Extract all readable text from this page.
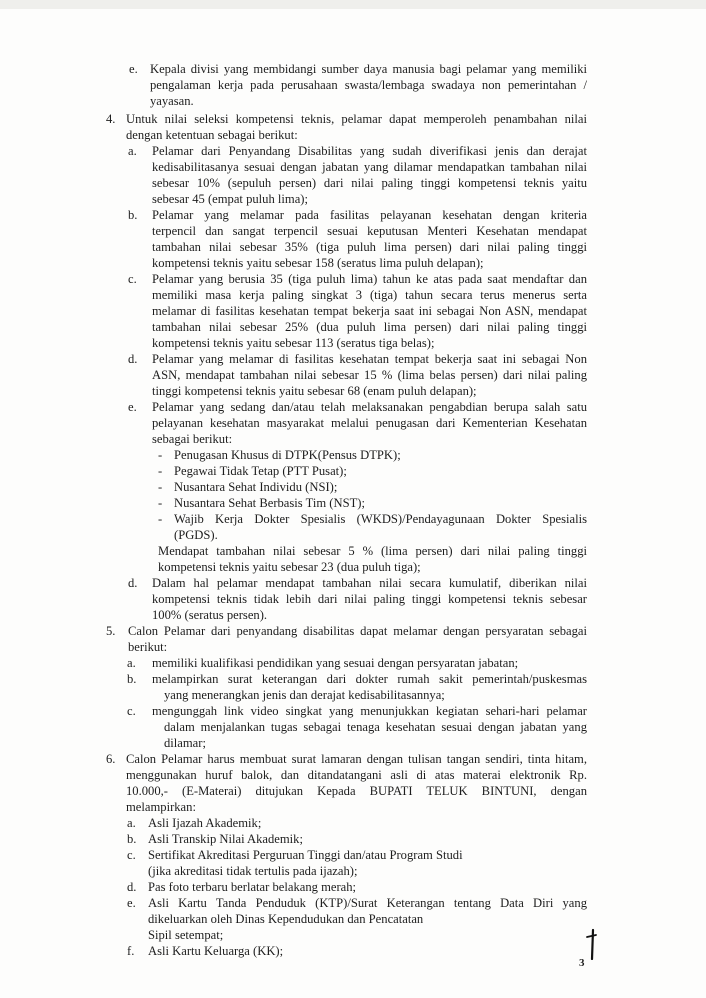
e.
4.
a.
b.
c.
d.
e.
d.
5.
a.
b.
c.
6.
a.
b.
c.
d.
e.
f.
-
-
-
-
-
Kepala divisi yang membidangi sumber daya manusia bagi pelamar yang memiliki
pengalaman kerja pada perusahaan swasta/lembaga swadaya non pemerintahan /
yayasan.
Untuk nilai seleksi kompetensi teknis, pelamar dapat memperoleh penambahan nilai
dengan ketentuan sebagai berikut:
Pelamar dari Penyandang Disabilitas yang sudah diverifikasi jenis dan derajat
kedisabilitasanya sesuai dengan jabatan yang dilamar mendapatkan tambahan nilai
sebesar 10% (sepuluh persen) dari nilai paling tinggi kompetensi teknis yaitu
sebesar 45 (empat puluh lima);
Pelamar yang melamar pada fasilitas pelayanan kesehatan dengan kriteria
terpencil dan sangat terpencil sesuai keputusan Menteri Kesehatan mendapat
tambahan nilai sebesar 35% (tiga puluh lima persen) dari nilai paling tinggi
kompetensi teknis yaitu sebesar 158 (seratus lima puluh delapan);
Pelamar yang berusia 35 (tiga puluh lima) tahun ke atas pada saat mendaftar dan
memiliki masa kerja paling singkat 3 (tiga) tahun secara terus menerus serta
melamar di fasilitas kesehatan tempat bekerja saat ini sebagai Non ASN, mendapat
tambahan nilai sebesar 25% (dua puluh lima persen) dari nilai paling tinggi
kompetensi teknis yaitu sebesar 113 (seratus tiga belas);
Pelamar yang melamar di fasilitas kesehatan tempat bekerja saat ini sebagai Non
ASN, mendapat tambahan nilai sebesar 15 % (lima belas persen) dari nilai paling
tinggi kompetensi teknis yaitu sebesar 68 (enam puluh delapan);
Pelamar yang sedang dan/atau telah melaksanakan pengabdian berupa salah satu
pelayanan kesehatan masyarakat melalui penugasan dari Kementerian Kesehatan
sebagai berikut:
Penugasan Khusus di DTPK(Pensus DTPK);
Pegawai Tidak Tetap (PTT Pusat);
Nusantara Sehat Individu (NSI);
Nusantara Sehat Berbasis Tim (NST);
Wajib Kerja Dokter Spesialis (WKDS)/Pendayagunaan Dokter Spesialis
(PGDS).
Mendapat tambahan nilai sebesar 5 % (lima persen) dari nilai paling tinggi
kompetensi teknis yaitu sebesar 23 (dua puluh tiga);
Dalam hal pelamar mendapat tambahan nilai secara kumulatif, diberikan nilai
kompetensi teknis tidak lebih dari nilai paling tinggi kompetensi teknis sebesar
100% (seratus persen).
Calon Pelamar dari penyandang disabilitas dapat melamar dengan persyaratan sebagai
berikut:
memiliki kualifikasi pendidikan yang sesuai dengan persyaratan jabatan;
melampirkan surat keterangan dari dokter rumah sakit pemerintah/puskesmas
yang menerangkan jenis dan derajat kedisabilitasannya;
mengunggah link video singkat yang menunjukkan kegiatan sehari-hari pelamar
dalam menjalankan tugas sebagai tenaga kesehatan sesuai dengan jabatan yang
dilamar;
Calon Pelamar harus membuat surat lamaran dengan tulisan tangan sendiri, tinta hitam,
menggunakan huruf balok, dan ditandatangani asli di atas materai elektronik Rp.
10.000,- (E-Materai) ditujukan Kepada BUPATI TELUK BINTUNI, dengan
melampirkan:
Asli Ijazah Akademik;
Asli Transkip Nilai Akademik;
Sertifikat Akreditasi Perguruan Tinggi dan/atau Program Studi
(jika akreditasi tidak tertulis pada ijazah);
Pas foto terbaru berlatar belakang merah;
Asli Kartu Tanda Penduduk (KTP)/Surat Keterangan tentang Data Diri yang
dikeluarkan oleh Dinas Kependudukan dan Pencatatan
Sipil setempat;
Asli Kartu Keluarga (KK);
3
